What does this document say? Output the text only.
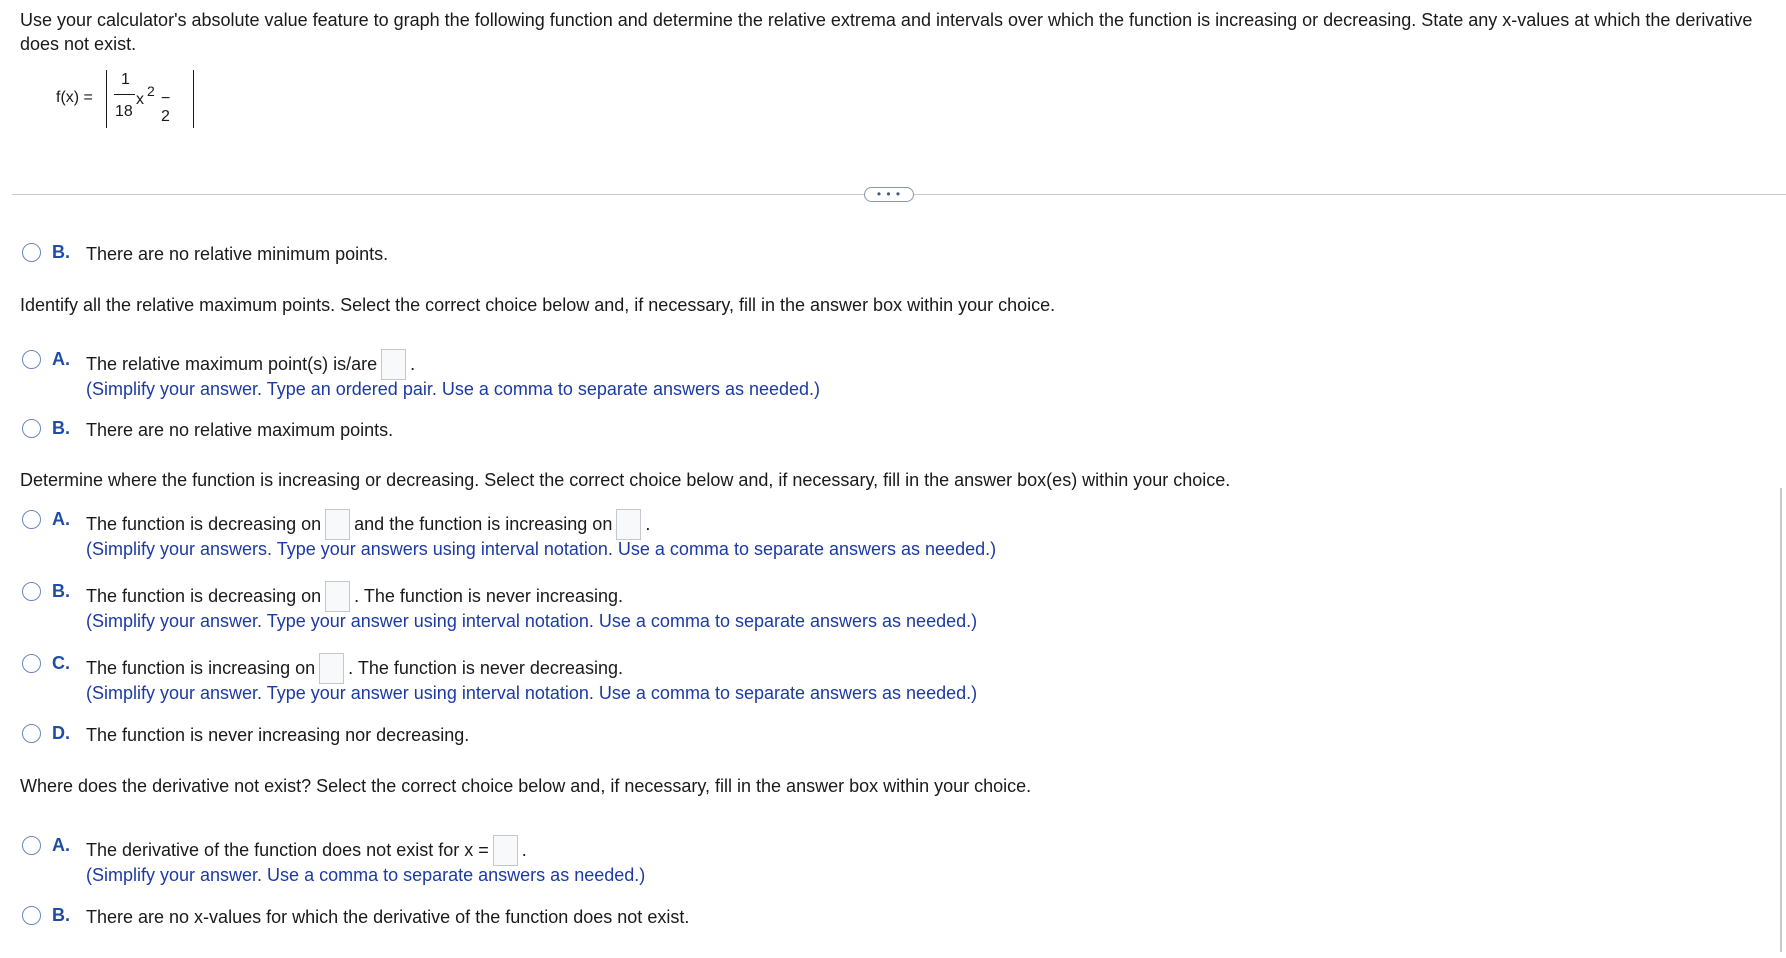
Use your calculator's absolute value feature to graph the following function and determine the relative extrema and intervals over which the function is increasing or decreasing. State any x-values at which the derivative does not exist.
f(x) =
1
18
x 2 − 2
• • •
B. There are no relative minimum points.
Identify all the relative maximum points. Select the correct choice below and, if necessary, fill in the answer box within your choice.
A. The relative maximum point(s) is/are .
(Simplify your answer. Type an ordered pair. Use a comma to separate answers as needed.)
B. There are no relative maximum points.
Determine where the function is increasing or decreasing. Select the correct choice below and, if necessary, fill in the answer box(es) within your choice.
A. The function is decreasing on and the function is increasing on .
(Simplify your answers. Type your answers using interval notation. Use a comma to separate answers as needed.)
B. The function is decreasing on . The function is never increasing.
(Simplify your answer. Type your answer using interval notation. Use a comma to separate answers as needed.)
C. The function is increasing on . The function is never decreasing.
(Simplify your answer. Type your answer using interval notation. Use a comma to separate answers as needed.)
D. The function is never increasing nor decreasing.
Where does the derivative not exist? Select the correct choice below and, if necessary, fill in the answer box within your choice.
A. The derivative of the function does not exist for x = .
(Simplify your answer. Use a comma to separate answers as needed.)
B. There are no x-values for which the derivative of the function does not exist.
